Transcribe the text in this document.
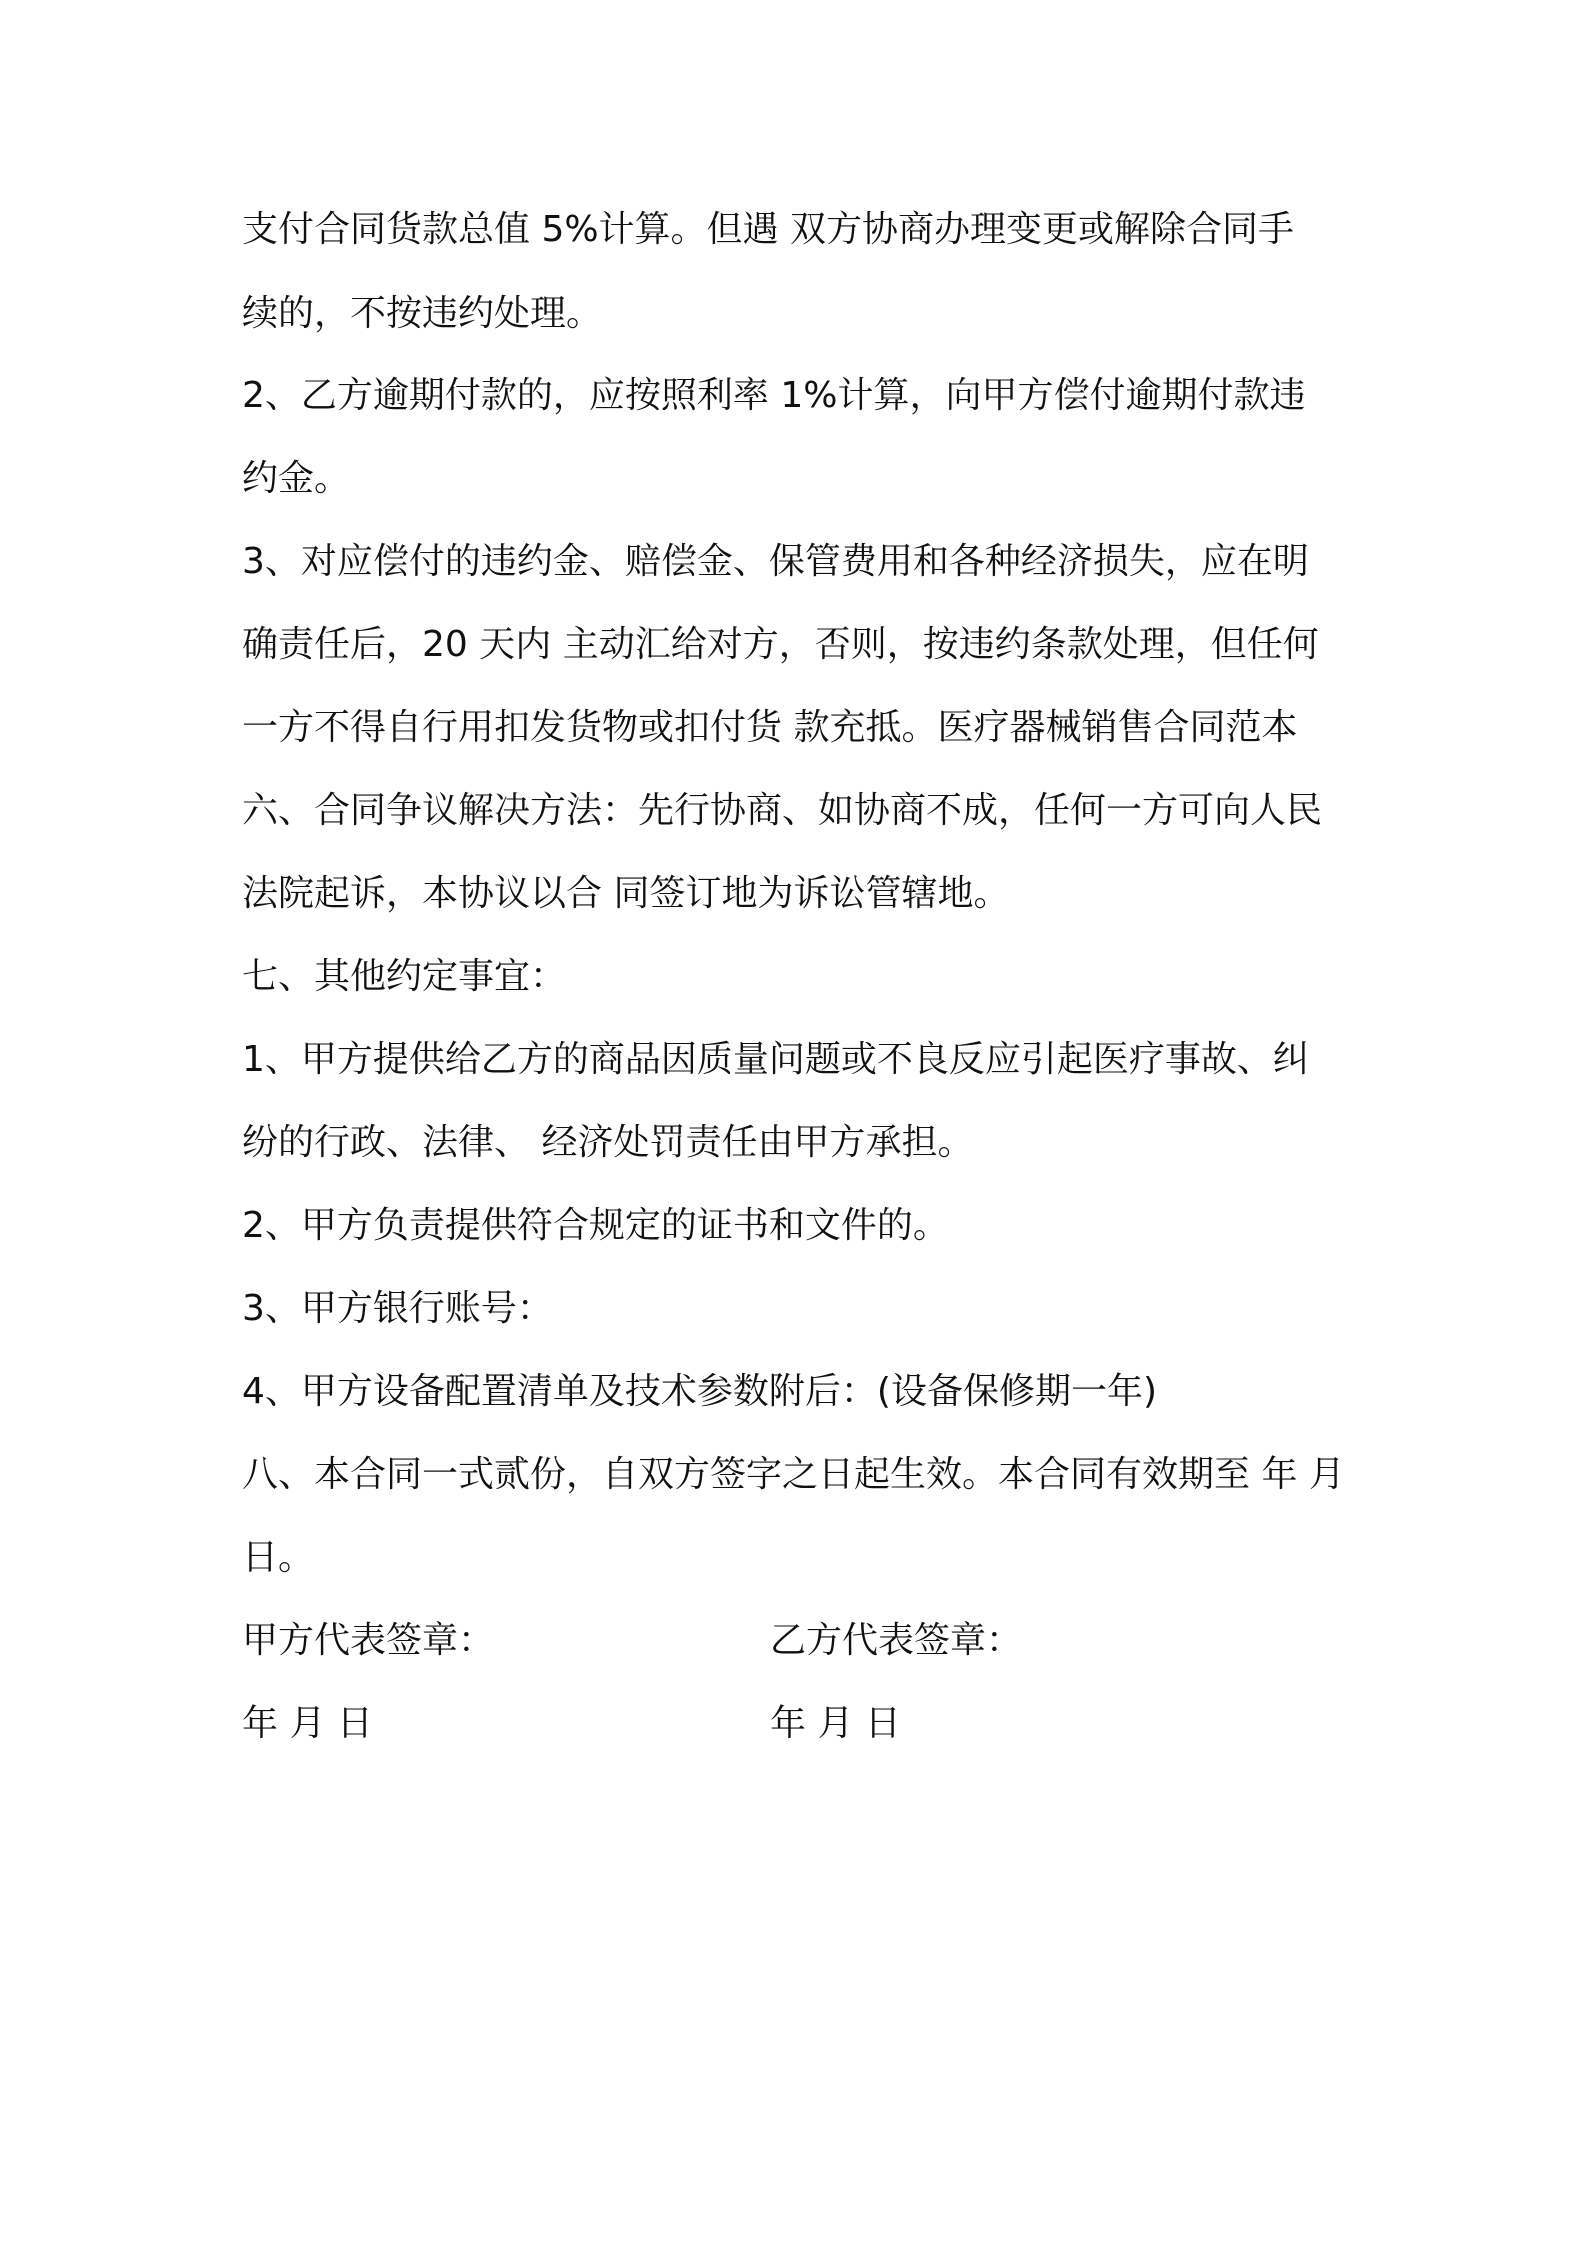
支付合同货款总值 5%计算。但遇 双方协商办理变更或解除合同手
续的，不按违约处理。
2、乙方逾期付款的，应按照利率 1%计算，向甲方偿付逾期付款违
约金。
3、对应偿付的违约金、赔偿金、保管费用和各种经济损失，应在明
确责任后，20 天内 主动汇给对方，否则，按违约条款处理，但任何
一方不得自行用扣发货物或扣付货 款充抵。医疗器械销售合同范本
六、合同争议解决方法：先行协商、如协商不成，任何一方可向人民
法院起诉，本协议以合 同签订地为诉讼管辖地。
七、其他约定事宜：
1、甲方提供给乙方的商品因质量问题或不良反应引起医疗事故、纠
纷的行政、法律、 经济处罚责任由甲方承担。
2、甲方负责提供符合规定的证书和文件的。
3、甲方银行账号：
4、甲方设备配置清单及技术参数附后：(设备保修期一年)
八、本合同一式贰份，自双方签字之日起生效。本合同有效期至 年 月
日。
甲方代表签章：	乙方代表签章：
年 月 日	年 月 日
